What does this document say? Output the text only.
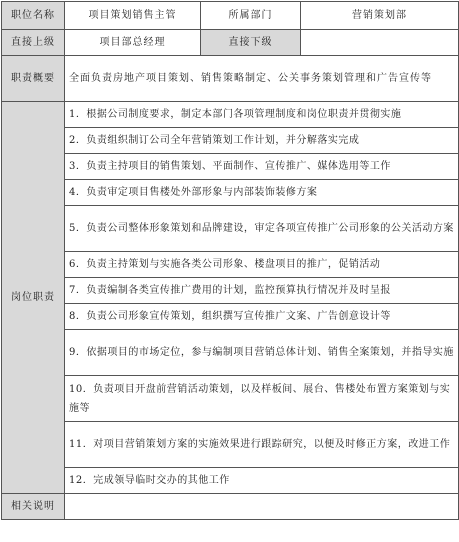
职位名称	项目策划销售主管	所属部门	营销策划部
直接上级	项目部总经理	直接下级	
职责概要	全面负责房地产项目策划、销售策略制定、公关事务策划管理和广告宣传等		
岗位职责	1．根据公司制度要求，制定本部门各项管理制度和岗位职责并贯彻实施		
	2．负责组织制订公司全年营销策划工作计划，并分解落实完成		
	3．负责主持项目的销售策划、平面制作、宣传推广、媒体选用等工作		
	4．负责审定项目售楼处外部形象与内部装饰装修方案		
	5．负责公司整体形象策划和品牌建设，审定各项宣传推广公司形象的公关活动方案		
	6．负责主持策划与实施各类公司形象、楼盘项目的推广，促销活动		
	7．负责编制各类宣传推广费用的计划，监控预算执行情况并及时呈报		
	8．负责公司形象宣传策划，组织撰写宣传推广文案、广告创意设计等		
	9．依据项目的市场定位，参与编制项目营销总体计划、销售全案策划，并指导实施		
	10．负责项目开盘前营销活动策划，以及样板间、展台、售楼处布置方案策划与实施等		
	11．对项目营销策划方案的实施效果进行跟踪研究，以便及时修正方案，改进工作		
	12．完成领导临时交办的其他工作		
相关说明			
